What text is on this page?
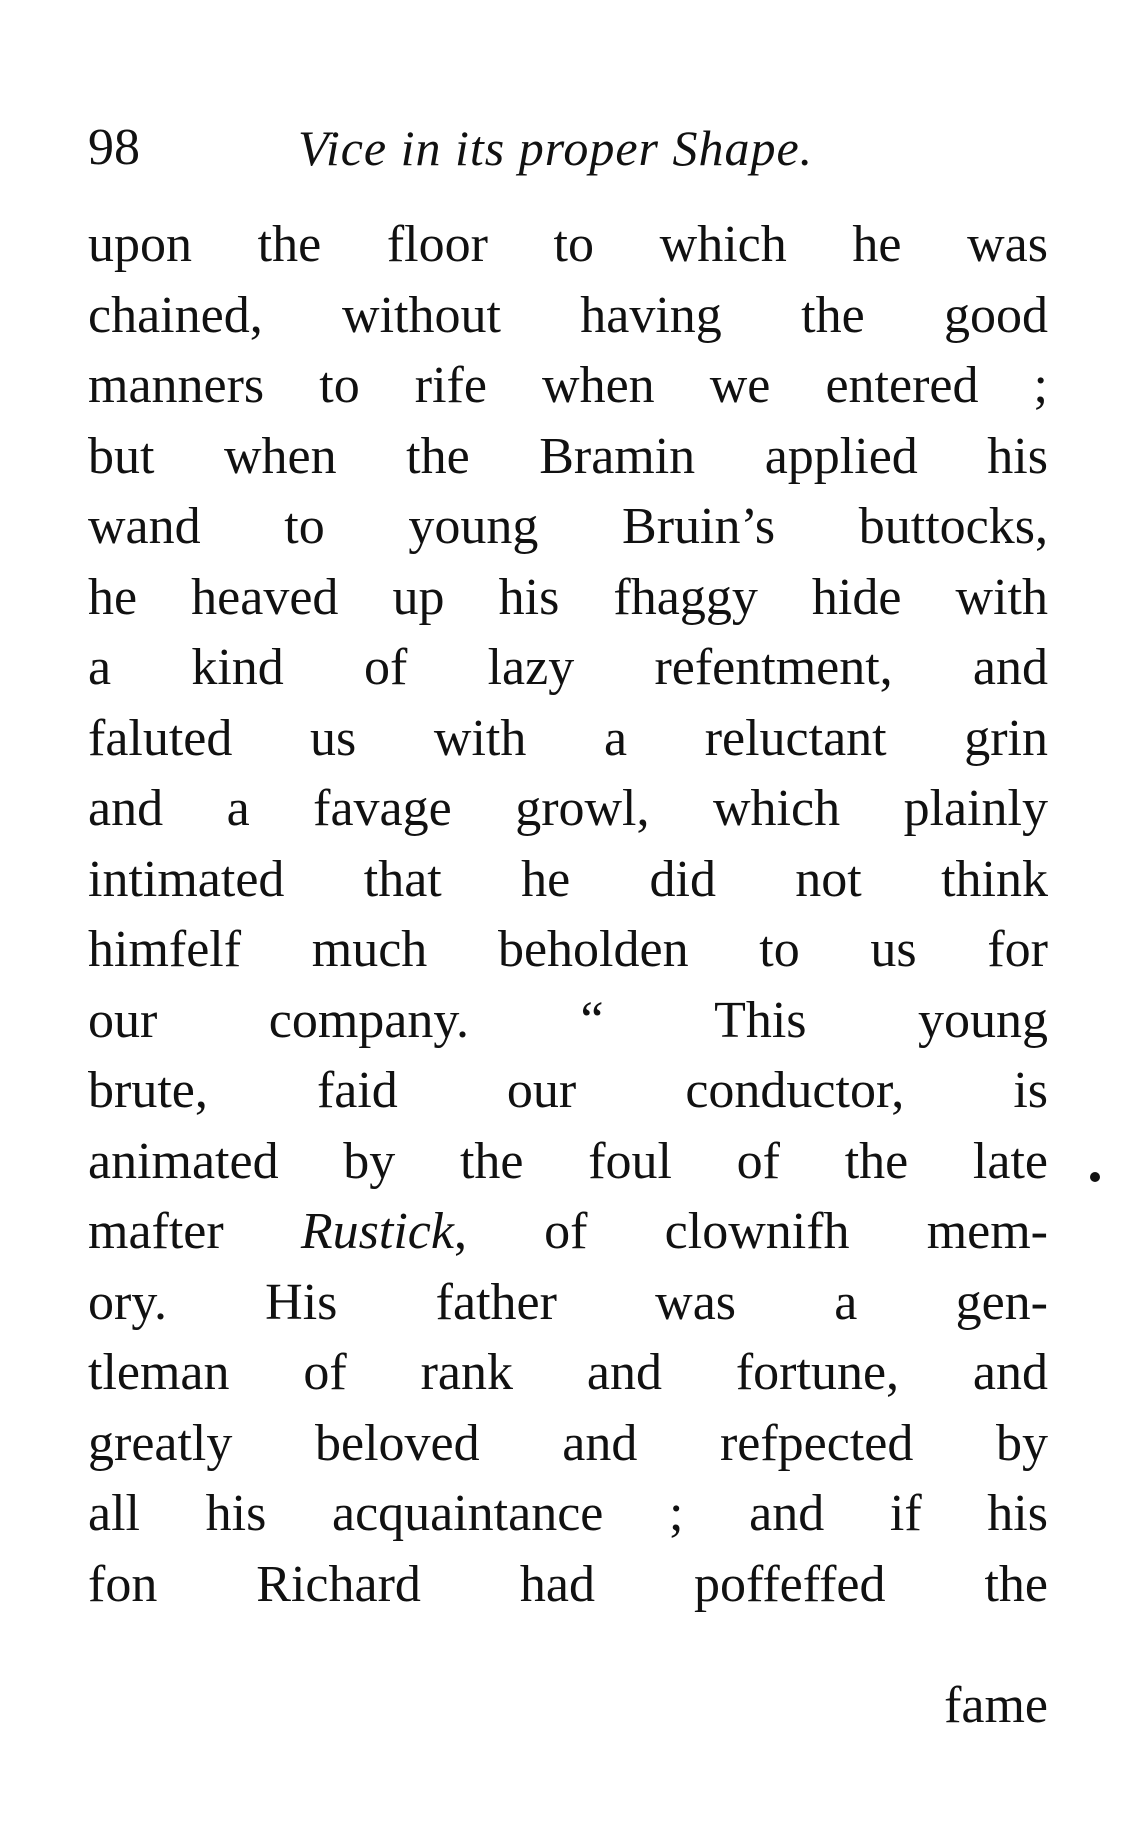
98	Vice in its proper Shape.
upon the floor to which he was
chained, without having the good
manners to rife when we entered ;
but when the Bramin applied his
wand to young Bruin’s buttocks,
he heaved up his fhaggy hide with
a kind of lazy refentment, and
faluted us with a reluctant grin
and a favage growl, which plainly
intimated that he did not think
himfelf much beholden to us for
our company. “ This young
brute, faid our conductor, is
animated by the foul of the late
mafter Rustick, of clownifh mem-
ory. His father was a gen-
tleman of rank and fortune, and
greatly beloved and refpected by
all his acquaintance ; and if his
fon Richard had poffeffed the
fame
